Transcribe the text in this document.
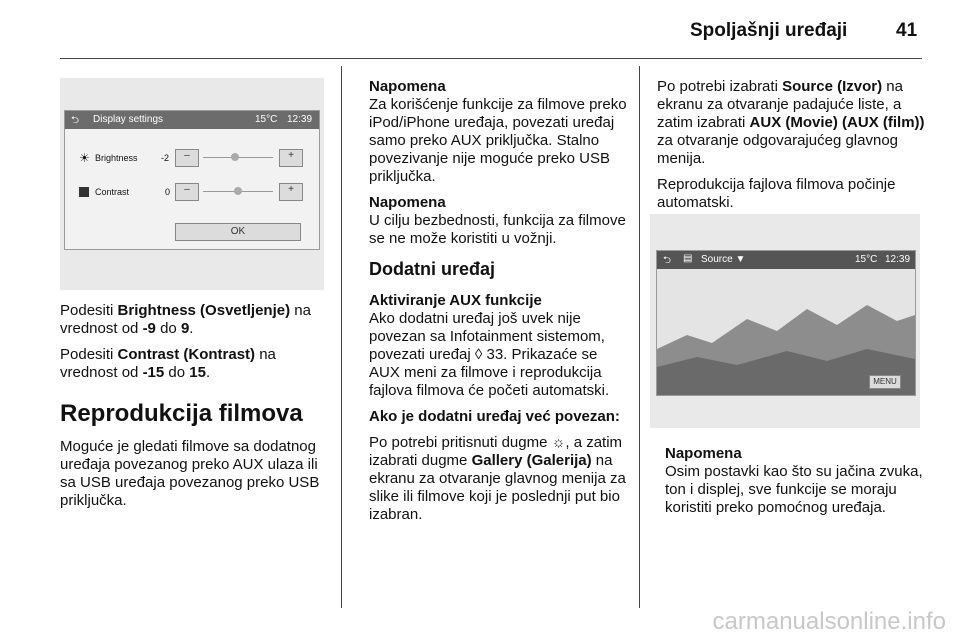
Spoljašnji uređaji	41
⮌ Display settings	15°C 12:39
☀ Brightness	-2	–	+
Contrast	0	–	+
OK

Podesiti Brightness (Osvetljenje) na vrednost od -9 do 9.

Podesiti Contrast (Kontrast) na vrednost od -15 do 15.

Reprodukcija filmova

Moguće je gledati filmove sa dodatnog uređaja povezanog preko AUX ulaza ili sa USB uređaja povezanog preko USB priključka.

Napomena

Za korišćenje funkcije za filmove preko iPod/iPhone uređaja, povezati uređaj samo preko AUX priključka. Stalno povezivanje nije moguće preko USB priključka.

Napomena

U cilju bezbednosti, funkcija za filmove se ne može koristiti u vožnji.

Dodatni uređaj
Aktiviranje AUX funkcije

Ako dodatni uređaj još uvek nije povezan sa Infotainment sistemom, povezati uređaj ◊ 33. Prikazaće se AUX meni za filmove i reprodukcija fajlova filmova će početi automatski.

Ako je dodatni uređaj već povezan:

Po potrebi pritisnuti dugme ☼, a zatim izabrati dugme Gallery (Galerija) na ekranu za otvaranje glavnog menija za slike ili filmove koji je poslednji put bio izabran.

Po potrebi izabrati Source (Izvor) na ekranu za otvaranje padajuće liste, a zatim izabrati AUX (Movie) (AUX (film)) za otvaranje odgovarajućeg glavnog menija.

Reprodukcija fajlova filmova počinje automatski.

⮌ ▤ Source ▼	15°C 12:39
MENU
Napomena

Osim postavki kao što su jačina zvuka, ton i displej, sve funkcije se moraju koristiti preko pomoćnog uređaja.

carmanualsonline.info
